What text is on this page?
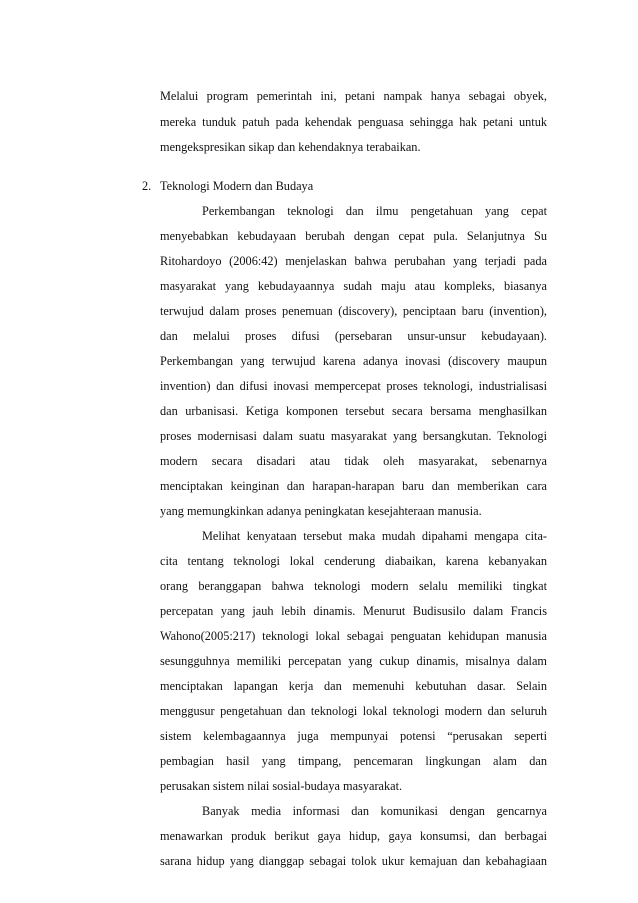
Melalui program pemerintah ini, petani nampak hanya sebagai obyek,
mereka tunduk patuh pada kehendak penguasa sehingga hak petani untuk
mengekspresikan sikap dan kehendaknya terabaikan.
2. Teknologi Modern dan Budaya
Perkembangan teknologi dan ilmu pengetahuan yang cepat
menyebabkan kebudayaan berubah dengan cepat pula. Selanjutnya Su
Ritohardoyo (2006:42) menjelaskan bahwa perubahan yang terjadi pada
masyarakat yang kebudayaannya sudah maju atau kompleks, biasanya
terwujud dalam proses penemuan (discovery), penciptaan baru (invention),
dan melalui proses difusi (persebaran unsur-unsur kebudayaan).
Perkembangan yang terwujud karena adanya inovasi (discovery maupun
invention) dan difusi inovasi mempercepat proses teknologi, industrialisasi
dan urbanisasi. Ketiga komponen tersebut secara bersama menghasilkan
proses modernisasi dalam suatu masyarakat yang bersangkutan. Teknologi
modern secara disadari atau tidak oleh masyarakat, sebenarnya
menciptakan keinginan dan harapan-harapan baru dan memberikan cara
yang memungkinkan adanya peningkatan kesejahteraan manusia.
Melihat kenyataan tersebut maka mudah dipahami mengapa cita-
cita tentang teknologi lokal cenderung diabaikan, karena kebanyakan
orang beranggapan bahwa teknologi modern selalu memiliki tingkat
percepatan yang jauh lebih dinamis. Menurut Budisusilo dalam Francis
Wahono(2005:217) teknologi lokal sebagai penguatan kehidupan manusia
sesungguhnya memiliki percepatan yang cukup dinamis, misalnya dalam
menciptakan lapangan kerja dan memenuhi kebutuhan dasar. Selain
menggusur pengetahuan dan teknologi lokal teknologi modern dan seluruh
sistem kelembagaannya juga mempunyai potensi “perusakan seperti
pembagian hasil yang timpang, pencemaran lingkungan alam dan
perusakan sistem nilai sosial-budaya masyarakat.
Banyak media informasi dan komunikasi dengan gencarnya
menawarkan produk berikut gaya hidup, gaya konsumsi, dan berbagai
sarana hidup yang dianggap sebagai tolok ukur kemajuan dan kebahagiaan
